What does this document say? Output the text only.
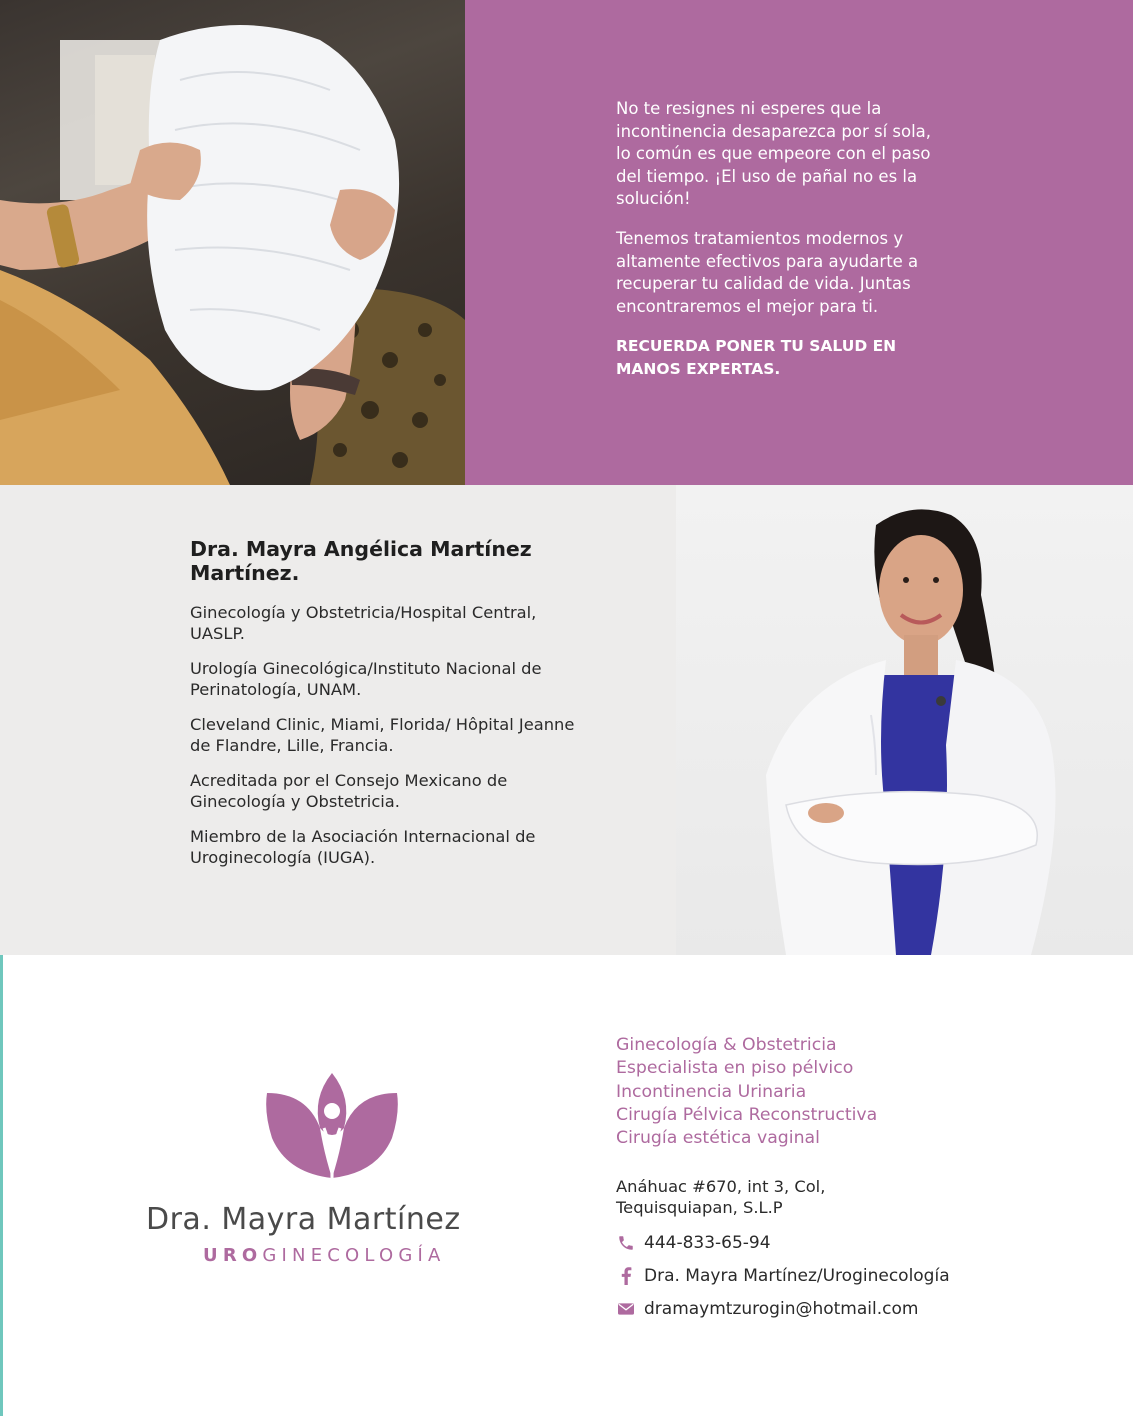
No te resignes ni esperes que la incontinencia desaparezca por sí sola, lo común es que empeore con el paso del tiempo. ¡El uso de pañal no es la solución!

Tenemos tratamientos modernos y altamente efectivos para ayudarte a recuperar tu calidad de vida. Juntas encontraremos el mejor para ti.

RECUERDA PONER TU SALUD EN MANOS EXPERTAS.

Dra. Mayra Angélica Martínez Martínez.

Ginecología y Obstetricia/Hospital Central, UASLP.

Urología Ginecológica/Instituto Nacional de Perinatología, UNAM.

Cleveland Clinic, Miami, Florida/ Hôpital Jeanne de Flandre, Lille, Francia.

Acreditada por el Consejo Mexicano de Ginecología y Obstetricia.

Miembro de la Asociación Internacional de Uroginecología (IUGA).

Dra. Mayra Martínez
UROGINECOLOGÍA

Ginecología & Obstetricia

Especialista en piso pélvico

Incontinencia Urinaria

Cirugía Pélvica Reconstructiva

Cirugía estética vaginal

Anáhuac #670, int 3, Col, Tequisquiapan, S.L.P

444-833-65-94
Dra. Mayra Martínez/Uroginecología
dramaymtzurogin@hotmail.com
